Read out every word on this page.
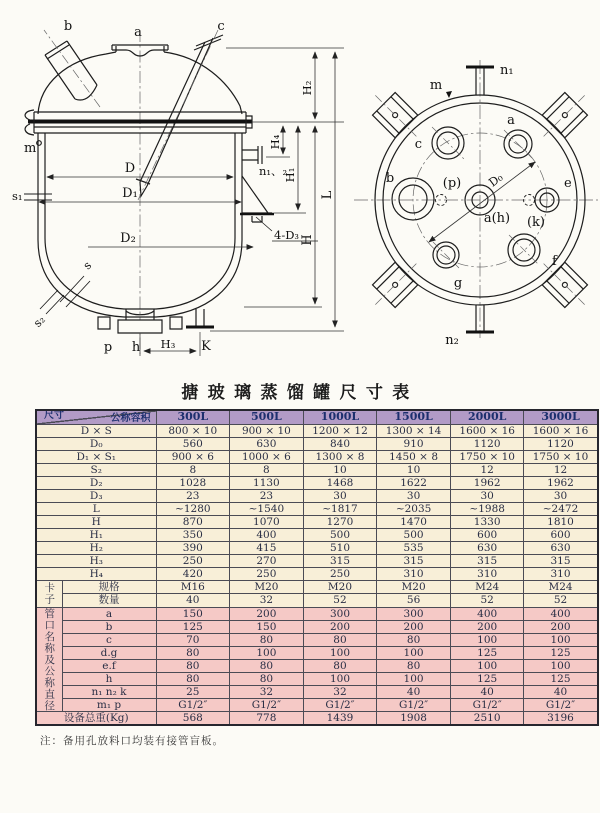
a
b	c
m
D
D₁
D₂
s₁
s
s₂
p h	K
H₃
n₁、₂
4-D₃
H₂
H₄
H₁
H
L
n₁
n₂
m
c
a
b	e
g
f
(p)
a(h) (k)
D₀
搪玻璃蒸馏罐尺寸表
公称容积
尺寸		300L	500L	1000L	1500L	2000L	3000L
D × S		800 × 10	900 × 10	1200 × 12	1300 × 14	1600 × 16	1600 × 16
D₀		560	630	840	910	1120	1120
D₁ × S₁		900 × 6	1000 × 6	1300 × 8	1450 × 8	1750 × 10	1750 × 10
S₂		8	8	10	10	12	12
D₂		1028	1130	1468	1622	1962	1962
D₃		23	23	30	30	30	30
L		~1280	~1540	~1817	~2035	~1988	~2472
H		870	1070	1270	1470	1330	1810
H₁		350	400	500	500	600	600
H₂		390	415	510	535	630	630
H₃		250	270	315	315	315	315
H₄		420	250	250	310	310	310
卡子	规格	M16	M20	M20	M20	M24	M24
	数量	40	32	52	56	52	52
管口名称及公称直径	a	150	200	300	300	400	400
	b	125	150	200	200	200	200
	c	70	80	80	80	100	100
	d.g	80	100	100	100	125	125
	e.f	80	80	80	80	100	100
	h	80	80	100	100	125	125
	n₁ n₂ k	25	32	32	40	40	40
	m₁ p	G1/2″	G1/2″	G1/2″	G1/2″	G1/2″	G1/2″
设备总重(Kg)		568	778	1439	1908	2510	3196
注：备用孔放料口均装有接管盲板。
